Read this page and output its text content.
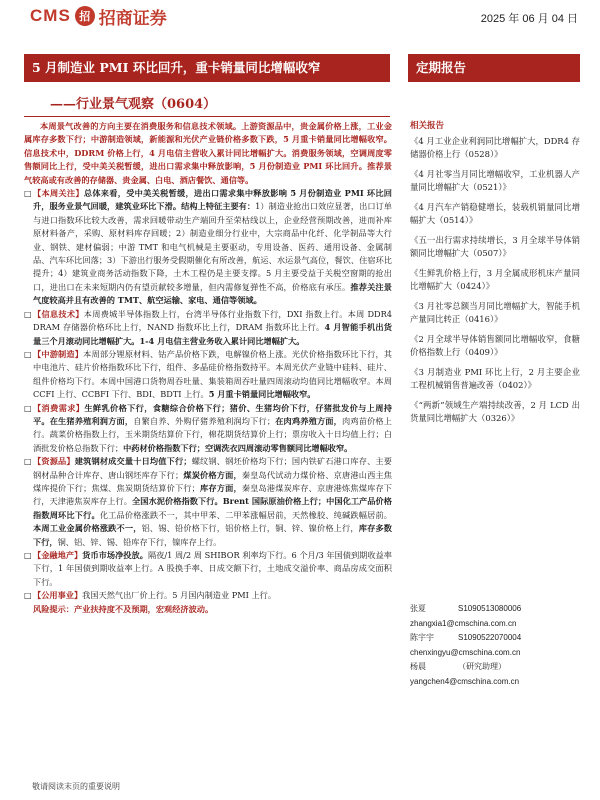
CMS 招 招商证券	2025 年 06 月 04 日
5 月制造业 PMI 环比回升，重卡销量同比增幅收窄	定期报告
——行业景气观察（0604）

本周景气改善的方向主要在消费服务和信息技术领域。上游资源品中，贵金属价格上涨，工业金属库存多数下行；中游制造领域，新能源和光伏产业链价格多数下跌，5 月重卡销量同比增幅收窄。信息技术中，DDRM 价格上行，4 月电信主营收入累计同比增幅扩大。消费服务领域，空调周度零售额同比上行，受中美关税暂缓，进出口需求集中释放影响，5 月份制造业 PMI 环比回升。推荐景气较高或有改善的存储器、贵金属、白电、酒店餐饮、通信等。

□ 【本周关注】总体来看，受中美关税暂缓，进出口需求集中释放影响 5 月份制造业 PMI 环比回升，服务业景气回暖，建筑业环比下滑。结构上特征主要有：1）制造业抢出口效应显著，出口订单与进口指数环比较大改善，需求回暖带动生产端回升至荣枯线以上，企业经营预期改善，进而补库原材料备产，采购、原材料库存回暖；2）制造业细分行业中，大宗商品中化纤、化学制品等大行业、钢铁、建材偏弱；中游 TMT 和电气机械是主要驱动，专用设备、医药、通用设备、金属制品、汽车环比回落；3）下游出行服务受假期催化有所改善，航运、水运景气高位，餐饮、住宿环比提升；4）建筑业商务活动指数下降，土木工程仍是主要支撑。5 月主要受益于关税空窗期的抢出口，进出口在未来短期内仍有望贡献较多增量，但内需修复弹性不高，价格底有承压。推荐关注景气度较高并且有改善的 TMT、航空运输、家电、通信等领域。

□ 【信息技术】本周费城半导体指数上行，台湾半导体行业指数下行，DXI 指数上行。本周 DDR4 DRAM 存储器价格环比上行，NAND 指数环比上行，DRAM 指数环比上行。4 月智能手机出货量三个月滚动同比增幅扩大。1-4 月电信主营业务收入累计同比增幅扩大。

□ 【中游制造】本周部分锂原材料、钴产品价格下跌，电解镍价格上涨。光伏价格指数环比下行，其中电池片、硅片价格指数环比下行，组件、多晶硅价格指数持平。本周光伏产业链中硅料、硅片、组件价格均下行。本周中国港口货物周吞吐量、集装箱周吞吐量四周滚动均值同比增幅收窄。本周 CCFI 上行、CCBFI 下行、BDI、BDTI 上行。5 月重卡销量同比增幅收窄。

□ 【消费需求】生鲜乳价格下行，食糖综合价格下行；猪价、生猪均价下行，仔猪批发价与上周持平。在生猪养殖利润方面，自繁自养、外购仔猪养殖利润均下行；在肉鸡养殖方面，肉鸡苗价格上行。蔬菜价格指数上行，玉米期货结算价下行，棉花期货结算价上行；票房收入十日均值上行；白酒批发价格总指数下行；中药材价格指数下行；空调洗衣四周滚动零售额同比增幅收窄。

□ 【资源品】建筑钢材成交量十日均值下行；螺纹钢、钢坯价格均下行；国内铁矿石港口库存、主要钢材品种合计库存、唐山钢坯库存下行；煤炭价格方面，秦皇岛代试动力煤价格、京唐港山西主焦煤库提价下行；焦煤、焦炭期货结算价下行；库存方面，秦皇岛港煤炭库存、京唐港炼焦煤库存下行，天津港焦炭库存上行。全国水泥价格指数下行。Brent 国际原油价格上行；中国化工产品价格指数周环比下行。化工品价格涨跌不一，其中甲苯、二甲苯涨幅居前，天然橡胶、纯碱跌幅居前。本周工业金属价格涨跌不一，铝、锡、铅价格下行，铝价格上行，铜、锌、镍价格上行，库存多数下行，铜、铝、锌、锡、铅库存下行，镍库存上行。

□ 【金融地产】货币市场净投放。隔夜/1 周/2 周 SHIBOR 利率均下行。6 个月/3 年国债到期收益率下行，1 年国债到期收益率上行。A 股换手率、日成交额下行，土地成交溢价率、商品房成交面积下行。

□ 【公用事业】我国天然气出厂价上行。5 月国内制造业 PMI 上行。

风险提示：产业扶持度不及预期，宏观经济波动。

相关报告
《4 月工业企业利润同比增幅扩大，DDR4 存储器价格上行（0528）》
《4 月社零当月同比增幅收窄，工业机器人产量同比增幅扩大（0521）》
《4 月汽车产销稳健增长，装载机销量同比增幅扩大（0514）》
《五一出行需求持续增长，3 月全球半导体销额同比增幅扩大（0507）》
《生鲜乳价格上行，3 月全属成形机床产量同比增幅扩大（0424）》
《3 月社零总额当月同比增幅扩大，智能手机产量同比转正（0416）》
《2 月全球半导体销售额同比增幅收窄，食糖价格指数上行（0409）》
《3 月制造业 PMI 环比上行，2 月主要企业工程机械销售普遍改善（0402）》
《“两新”领域生产端持续改善，2 月 LCD 出货量同比增幅扩大（0326）》
张夏	S1090513080006
zhangxia1@cmschina.com.cn
陈宇宇	S1090522070004
chenxingyu@cmschina.com.cn
杨晨	（研究助理）
yangchen4@cmschina.com.cn
敬请阅读末页的重要说明
